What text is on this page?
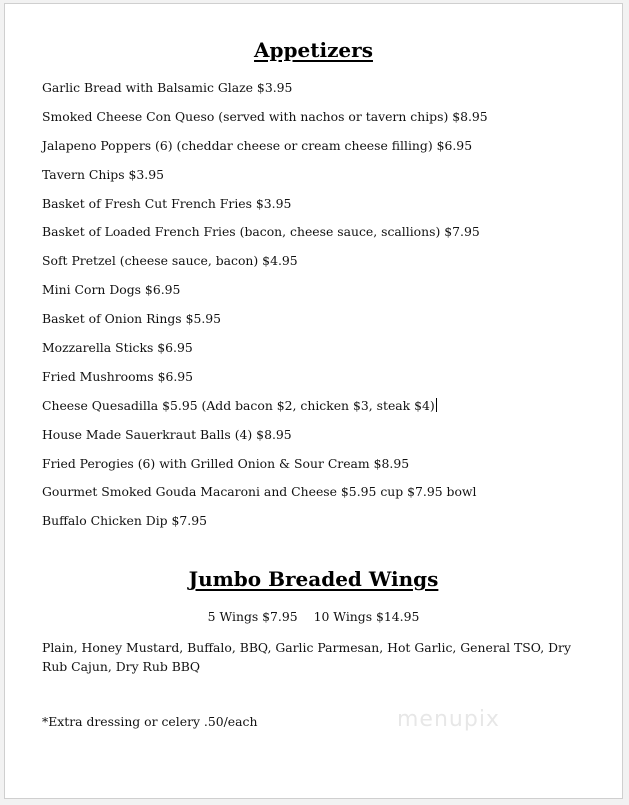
Appetizers
Garlic Bread with Balsamic Glaze $3.95
Smoked Cheese Con Queso (served with nachos or tavern chips) $8.95
Jalapeno Poppers (6) (cheddar cheese or cream cheese filling) $6.95
Tavern Chips $3.95
Basket of Fresh Cut French Fries $3.95
Basket of Loaded French Fries (bacon, cheese sauce, scallions) $7.95
Soft Pretzel (cheese sauce, bacon) $4.95
Mini Corn Dogs $6.95
Basket of Onion Rings $5.95
Mozzarella Sticks $6.95
Fried Mushrooms $6.95
Cheese Quesadilla $5.95 (Add bacon $2, chicken $3, steak $4)
House Made Sauerkraut Balls (4) $8.95
Fried Perogies (6) with Grilled Onion & Sour Cream $8.95
Gourmet Smoked Gouda Macaroni and Cheese $5.95 cup $7.95 bowl
Buffalo Chicken Dip $7.95
Jumbo Breaded Wings
5 Wings $7.95 10 Wings $14.95
Plain, Honey Mustard, Buffalo, BBQ, Garlic Parmesan, Hot Garlic, General TSO, Dry Rub Cajun, Dry Rub BBQ
*Extra dressing or celery .50/each	menupix
